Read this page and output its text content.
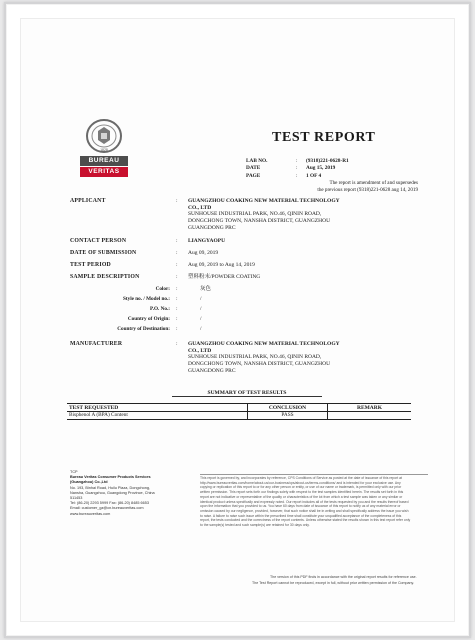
1828
BUREAU
VERITAS
TEST REPORT
LAB NO.	:	(9318)221-0628-R1
DATE	:	Aug 15, 2019
PAGE	:	1 OF 4
The report is amendment of and supersedes
the previous report (9318)221-0628 aug 14, 2019
APPLICANT	: GUANGZHOU COAKING NEW MATERIAL TECHNOLOGY
CO., LTD
SUNHOUSE INDUSTRIAL PARK, NO.46, QININ ROAD,
DONGCHONG TOWN, NANSHA DISTRICT, GUANGZHOU
GUANGDONG PRC
CONTACT PERSON	: LIANGYAOPU
DATE OF SUBMISSION	: Aug 09, 2019
TEST PERIOD	: Aug 09, 2019 to Aug 14, 2019
SAMPLE DESCRIPTION	: 塑料粉末/POWDER COATING
Color: :	灰色
Style no. / Model no.: :	/
P.O. No.: :	/
Country of Origin: :	/
Country of Destination: :	/
MANUFACTURER	: GUANGZHOU COAKING NEW MATERIAL TECHNOLOGY
CO., LTD
SUNHOUSE INDUSTRIAL PARK, NO.46, QININ ROAD,
DONGCHONG TOWN, NANSHA DISTRICT, GUANGZHOU
GUANGDONG PRC
SUMMARY OF TEST RESULTS
TEST REQUESTED	CONCLUSION	REMARK
Bisphenol A (BPA) Content	PASS
TCP
Bureau Veritas Consumer Products Services
(Guangzhou) Co.,Ltd
No. 193, Binhai Road, Huilu Plaza, Dongchong,
Nansha, Guangzhou, Guangdong Province, China
511453
Tel: (86-20) 2293 5999 Fax: (86-20) 8485 6653
Email: customer_gz@cn.bureauveritas.com
www.bureauveritas.com
This report is governed by, and incorporates by reference, CPS Conditions of Service as posted at the date of issuance of this report at
http://www.bureauveritas.com/home/about-us/our-business/cps/about-us/terms-conditions/ and is intended for your exclusive use. Any
copying or replication of this report to or for any other person or entity, or use of our name or trademark, is permitted only with our prior
written permission. This report sets forth our findings solely with respect to the test samples identified herein. The results set forth in this
report are not indicative or representative of the quality or characteristics of the lot from which a test sample was taken or any similar or
identical product unless specifically and expressly noted. Our report includes all of the tests requested by you and the results thereof based
upon the information that you provided to us. You have 60 days from date of issuance of this report to notify us of any material error or
omission caused by our negligence, provided, however, that such notice shall be in writing and shall specifically address the issue you wish
to raise. A failure to raise such issue within the prescribed time shall constitute your unqualified acceptance of the completeness of this
report, the tests conducted and the correctness of the report contents. Unless otherwise stated the results shown in this test report refer only
to the sample(s) tested and such sample(s) are retained for 30 days only.
The version of this PDF finds in accordance with the original report results for reference use.
The Test Report cannot be reproduced, except in full, without prior written permission of the Company.
